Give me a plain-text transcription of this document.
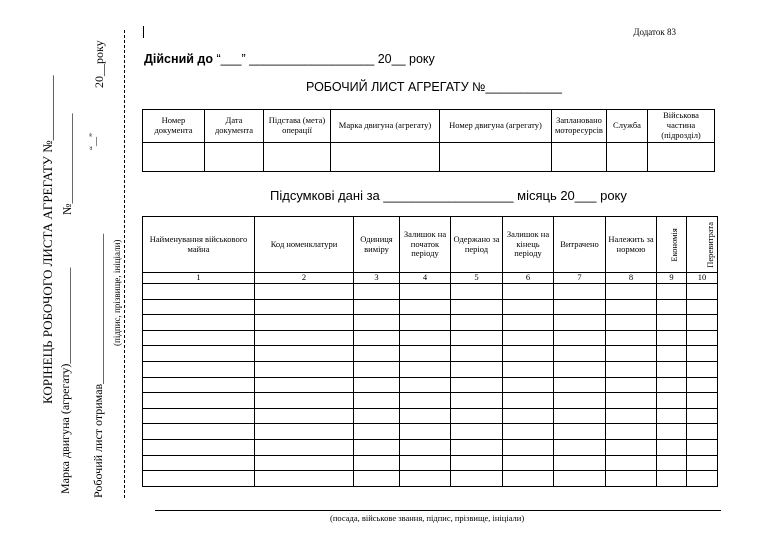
КОРІНЕЦЬ РОБОЧОГО ЛИСТА АГРЕГАТУ №__________ Марка двигуна (агрегату)________________
№_______________
20__року
“__”
Робочий лист отримав_________________________ (підпис, прізвище, ініціали)
Додаток 83
Дійсний до “___” __________________ 20__ року
РОБОЧИЙ ЛИСТ АГРЕГАТУ №___________
Номер документа	Дата документа	Підстава (мета) операції	Марка двигуна (агрегату)	Номер двигуна (агрегату)	Заплановано моторесурсів	Служба	Військова частина (підрозділ)

Підсумкові дані за __________________ місяць 20___ року
Найменування військового майна	Код номенклатури	Одиниця виміру	Залишок на початок періоду	Одержано за період	Залишок на кінець періоду	Витрачено	Належить за нормою	Економія	Перевитрата
1	2	3	4	5	6	7	8	9	10

(посада, військове звання, підпис, прізвище, ініціали)
